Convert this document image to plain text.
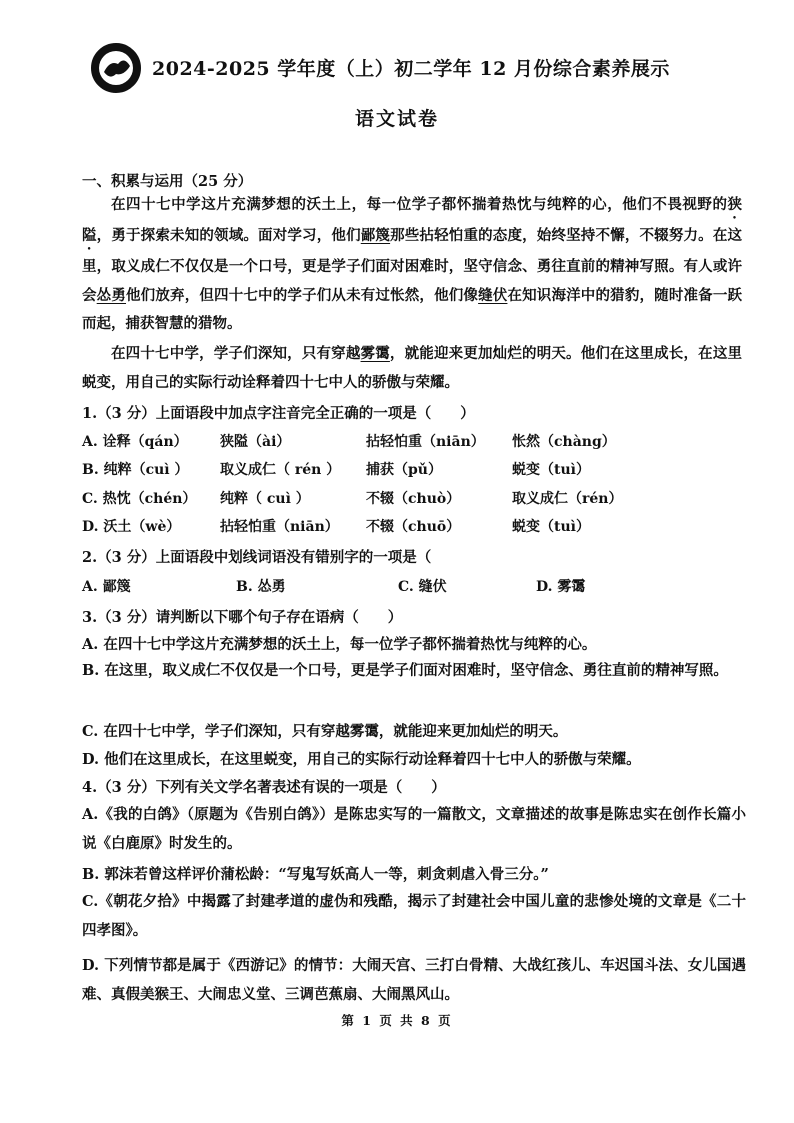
2024-2025 学年度（上）初二学年 12 月份综合素养展示
语文试卷
一、积累与运用（25 分）
在四十七中学这片充满梦想的沃土上，每一位学子都怀揣着热忱与纯粹的心，他们不畏视野的狭隘，勇于探索未知的领域。面对学习，他们鄙篾那些拈轻怕重的态度，始终坚持不懈，不辍努力。在这里，取义成仁不仅仅是一个口号，更是学子们面对困难时，坚守信念、勇往直前的精神写照。有人或许会怂勇他们放弃，但四十七中的学子们从未有过怅然，他们像缝伏在知识海洋中的猎豹，随时准备一跃而起，捕获智慧的猎物。
在四十七中学，学子们深知，只有穿越雾霭，就能迎来更加灿烂的明天。他们在这里成长，在这里蜕变，用自己的实际行动诠释着四十七中人的骄傲与荣耀。
1.（3 分）上面语段中加点字注音完全正确的一项是（　　）
A. 诠释（qán） 狭隘（ài）	拈轻怕重（niān） 怅然（chàng）
B. 纯粹（cuì ） 取义成仁（ rén ） 捕获（pǔ）	蜕变（tuì）
C. 热忱（chén） 纯粹（ cuì ）	不辍（chuò）	取义成仁（rén）
D. 沃土（wè）	拈轻怕重（niān） 不辍（chuō）	蜕变（tuì）
2.（3 分）上面语段中划线词语没有错别字的一项是（
A. 鄙篾	B. 怂勇	C. 缝伏	D. 雾霭
3.（3 分）请判断以下哪个句子存在语病（　　）
A. 在四十七中学这片充满梦想的沃土上，每一位学子都怀揣着热忱与纯粹的心。
B. 在这里，取义成仁不仅仅是一个口号，更是学子们面对困难时，坚守信念、勇往直前的精神写照。
C. 在四十七中学，学子们深知，只有穿越雾霭，就能迎来更加灿烂的明天。
D. 他们在这里成长，在这里蜕变，用自己的实际行动诠释着四十七中人的骄傲与荣耀。
4.（3 分）下列有关文学名著表述有误的一项是（　　）
A.《我的白鸽》（原题为《告别白鸽》）是陈忠实写的一篇散文，文章描述的故事是陈忠实在创作长篇小说《白鹿原》时发生的。
B. 郭沫若曾这样评价蒲松龄：“写鬼写妖高人一等，刺贪刺虐入骨三分。”
C.《朝花夕拾》中揭露了封建孝道的虚伪和残酷，揭示了封建社会中国儿童的悲惨处境的文章是《二十四孝图》。
D. 下列情节都是属于《西游记》的情节：大闹天宫、三打白骨精、大战红孩儿、车迟国斗法、女儿国遇难、真假美猴王、大闹忠义堂、三调芭蕉扇、大闹黑风山。
第 1 页 共 8 页
